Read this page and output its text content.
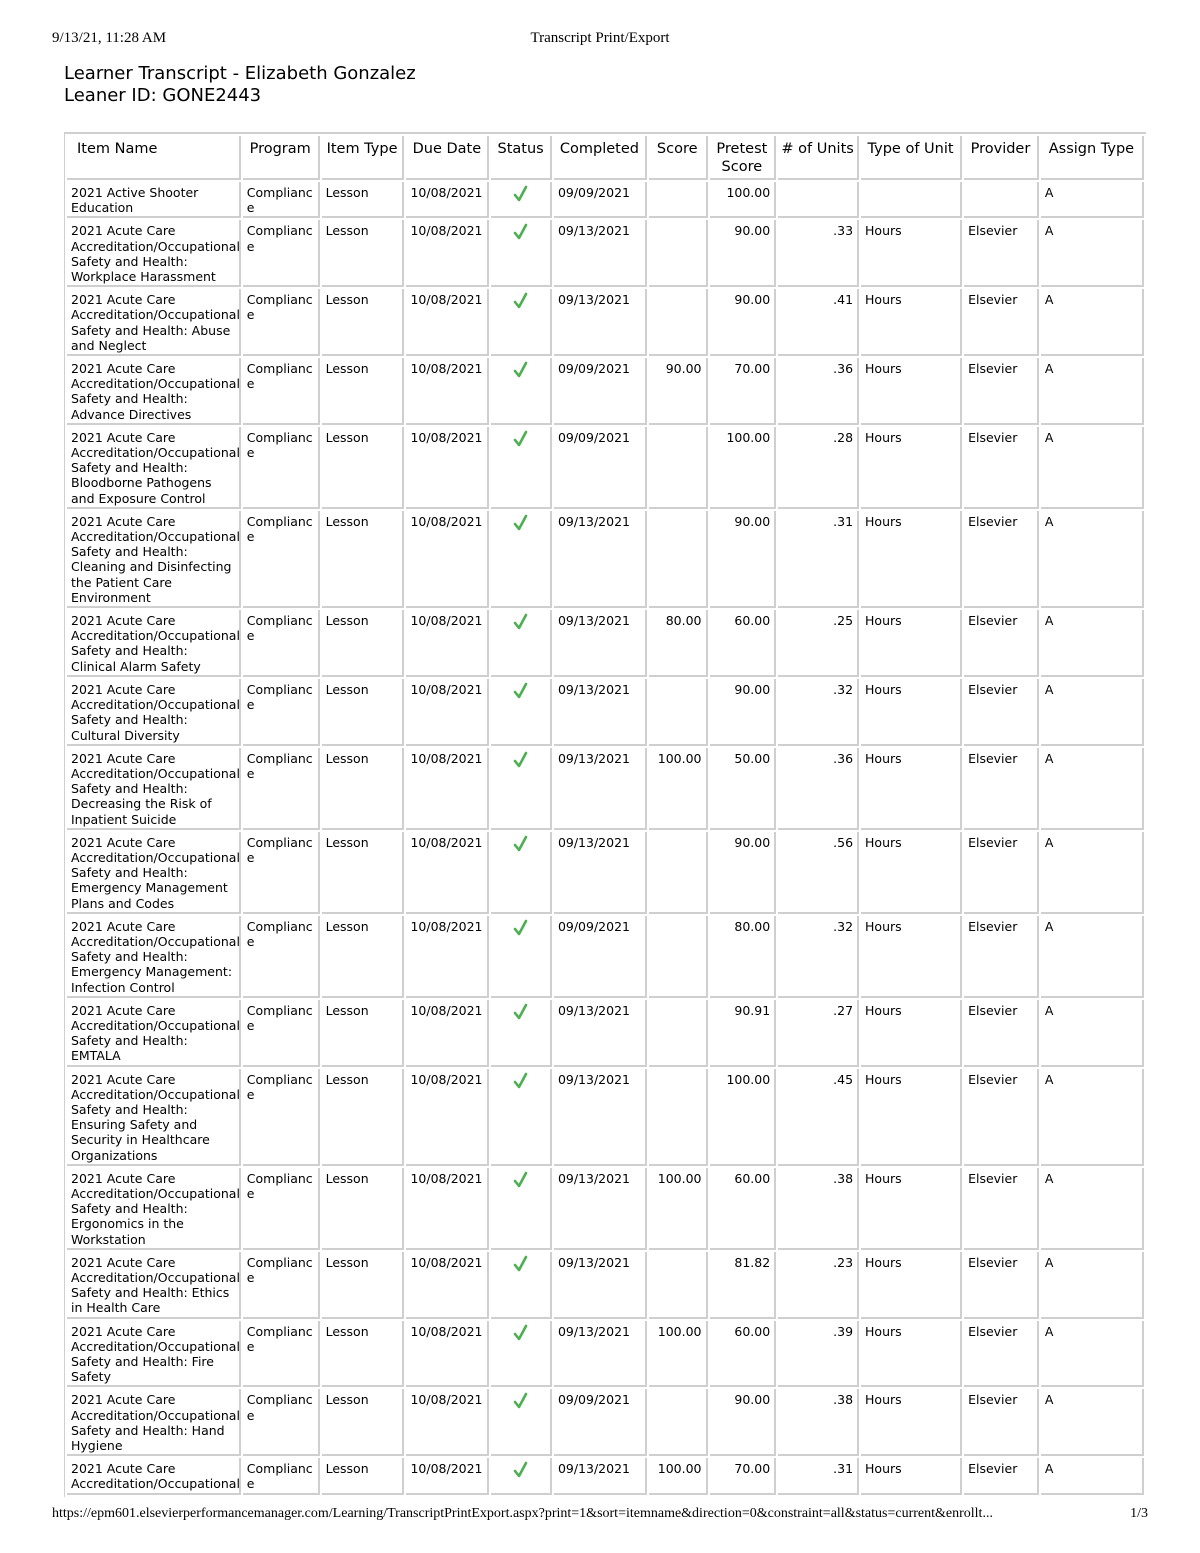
9/13/21, 11:28 AM	Transcript Print/Export
Learner Transcript - Elizabeth Gonzalez
Leaner ID: GONE2443
Item Name	Program	Item Type	Due Date	Status	Completed	Score	Pretest Score	# of Units	Type of Unit	Provider	Assign Type
2021 Active Shooter Education	Compliance	Lesson	10/08/2021		09/09/2021		100.00				A
2021 Acute Care Accreditation/Occupational Safety and Health: Workplace Harassment	Compliance	Lesson	10/08/2021		09/13/2021		90.00	.33	Hours	Elsevier	A
2021 Acute Care Accreditation/Occupational Safety and Health: Abuse and Neglect	Compliance	Lesson	10/08/2021		09/13/2021		90.00	.41	Hours	Elsevier	A
2021 Acute Care Accreditation/Occupational Safety and Health: Advance Directives	Compliance	Lesson	10/08/2021		09/09/2021	90.00	70.00	.36	Hours	Elsevier	A
2021 Acute Care Accreditation/Occupational Safety and Health: Bloodborne Pathogens and Exposure Control	Compliance	Lesson	10/08/2021		09/09/2021		100.00	.28	Hours	Elsevier	A
2021 Acute Care Accreditation/Occupational Safety and Health: Cleaning and Disinfecting the Patient Care Environment	Compliance	Lesson	10/08/2021		09/13/2021		90.00	.31	Hours	Elsevier	A
2021 Acute Care Accreditation/Occupational Safety and Health: Clinical Alarm Safety	Compliance	Lesson	10/08/2021		09/13/2021	80.00	60.00	.25	Hours	Elsevier	A
2021 Acute Care Accreditation/Occupational Safety and Health: Cultural Diversity	Compliance	Lesson	10/08/2021		09/13/2021		90.00	.32	Hours	Elsevier	A
2021 Acute Care Accreditation/Occupational Safety and Health: Decreasing the Risk of Inpatient Suicide	Compliance	Lesson	10/08/2021		09/13/2021	100.00	50.00	.36	Hours	Elsevier	A
2021 Acute Care Accreditation/Occupational Safety and Health: Emergency Management Plans and Codes	Compliance	Lesson	10/08/2021		09/13/2021		90.00	.56	Hours	Elsevier	A
2021 Acute Care Accreditation/Occupational Safety and Health: Emergency Management: Infection Control	Compliance	Lesson	10/08/2021		09/09/2021		80.00	.32	Hours	Elsevier	A
2021 Acute Care Accreditation/Occupational Safety and Health: EMTALA	Compliance	Lesson	10/08/2021		09/13/2021		90.91	.27	Hours	Elsevier	A
2021 Acute Care Accreditation/Occupational Safety and Health: Ensuring Safety and Security in Healthcare Organizations	Compliance	Lesson	10/08/2021		09/13/2021		100.00	.45	Hours	Elsevier	A
2021 Acute Care Accreditation/Occupational Safety and Health: Ergonomics in the Workstation	Compliance	Lesson	10/08/2021		09/13/2021	100.00	60.00	.38	Hours	Elsevier	A
2021 Acute Care Accreditation/Occupational Safety and Health: Ethics in Health Care	Compliance	Lesson	10/08/2021		09/13/2021		81.82	.23	Hours	Elsevier	A
2021 Acute Care Accreditation/Occupational Safety and Health: Fire Safety	Compliance	Lesson	10/08/2021		09/13/2021	100.00	60.00	.39	Hours	Elsevier	A
2021 Acute Care Accreditation/Occupational Safety and Health: Hand Hygiene	Compliance	Lesson	10/08/2021		09/09/2021		90.00	.38	Hours	Elsevier	A
2021 Acute Care Accreditation/Occupational	Compliance	Lesson	10/08/2021		09/13/2021	100.00	70.00	.31	Hours	Elsevier	A
https://epm601.elsevierperformancemanager.com/Learning/TranscriptPrintExport.aspx?print=1&sort=itemname&direction=0&constraint=all&status=current&enrollt...	1/3
